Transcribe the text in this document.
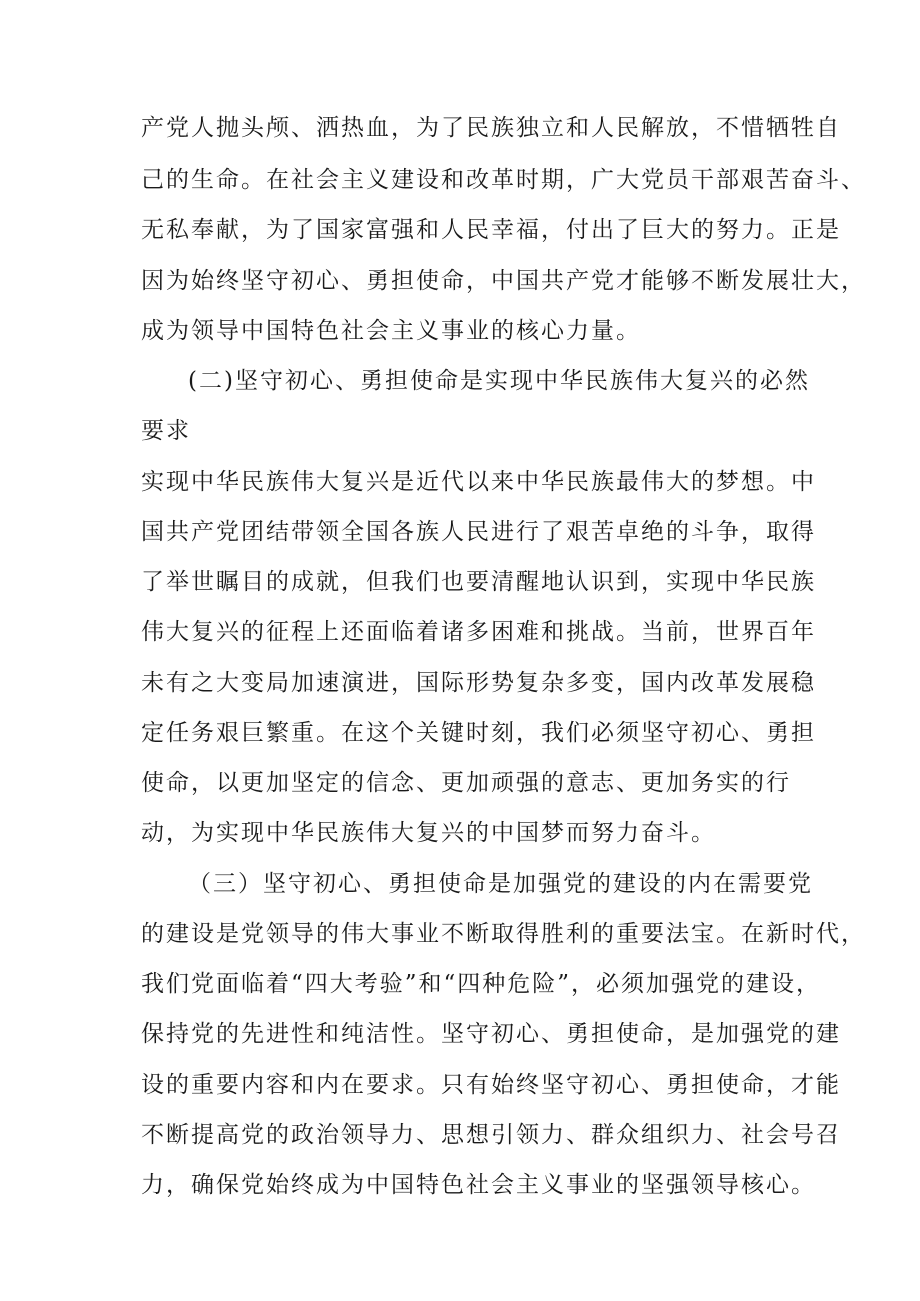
产党人抛头颅、洒热血，为了民族独立和人民解放，不惜牺牲自
己的生命。在社会主义建设和改革时期，广大党员干部艰苦奋斗、
无私奉献，为了国家富强和人民幸福，付出了巨大的努力。正是
因为始终坚守初心、勇担使命，中国共产党才能够不断发展壮大，
成为领导中国特色社会主义事业的核心力量。
(二)坚守初心、勇担使命是实现中华民族伟大复兴的必然
要求
实现中华民族伟大复兴是近代以来中华民族最伟大的梦想。中
国共产党团结带领全国各族人民进行了艰苦卓绝的斗争，取得
了举世瞩目的成就，但我们也要清醒地认识到，实现中华民族
伟大复兴的征程上还面临着诸多困难和挑战。当前，世界百年
未有之大变局加速演进，国际形势复杂多变，国内改革发展稳
定任务艰巨繁重。在这个关键时刻，我们必须坚守初心、勇担
使命，以更加坚定的信念、更加顽强的意志、更加务实的行
动，为实现中华民族伟大复兴的中国梦而努力奋斗。
（三）坚守初心、勇担使命是加强党的建设的内在需要党
的建设是党领导的伟大事业不断取得胜利的重要法宝。在新时代，
我们党面临着“四大考验”和“四种危险”，必须加强党的建设，
保持党的先进性和纯洁性。坚守初心、勇担使命，是加强党的建
设的重要内容和内在要求。只有始终坚守初心、勇担使命，才能
不断提高党的政治领导力、思想引领力、群众组织力、社会号召
力，确保党始终成为中国特色社会主义事业的坚强领导核心。
